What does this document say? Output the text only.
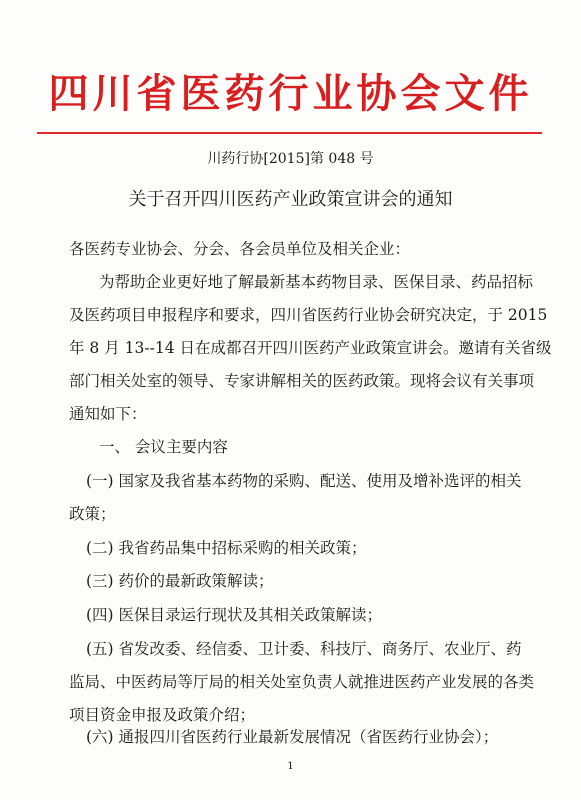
四川省医药行业协会文件
川药行协[2015]第 048 号
关于召开四川医药产业政策宣讲会的通知
各医药专业协会、分会、各会员单位及相关企业：
为帮助企业更好地了解最新基本药物目录、医保目录、药品招标
及医药项目申报程序和要求，四川省医药行业协会研究决定，于 2015
年 8 月 13--14 日在成都召开四川医药产业政策宣讲会。邀请有关省级
部门相关处室的领导、专家讲解相关的医药政策。现将会议有关事项
通知如下：
一、 会议主要内容
(一) 国家及我省基本药物的采购、配送、使用及增补选评的相关
政策；
(二) 我省药品集中招标采购的相关政策；
(三) 药价的最新政策解读；
(四) 医保目录运行现状及其相关政策解读；
(五) 省发改委、经信委、卫计委、科技厅、商务厅、农业厅、药
监局、中医药局等厅局的相关处室负责人就推进医药产业发展的各类
项目资金申报及政策介绍；
(六) 通报四川省医药行业最新发展情况（省医药行业协会）；
1
